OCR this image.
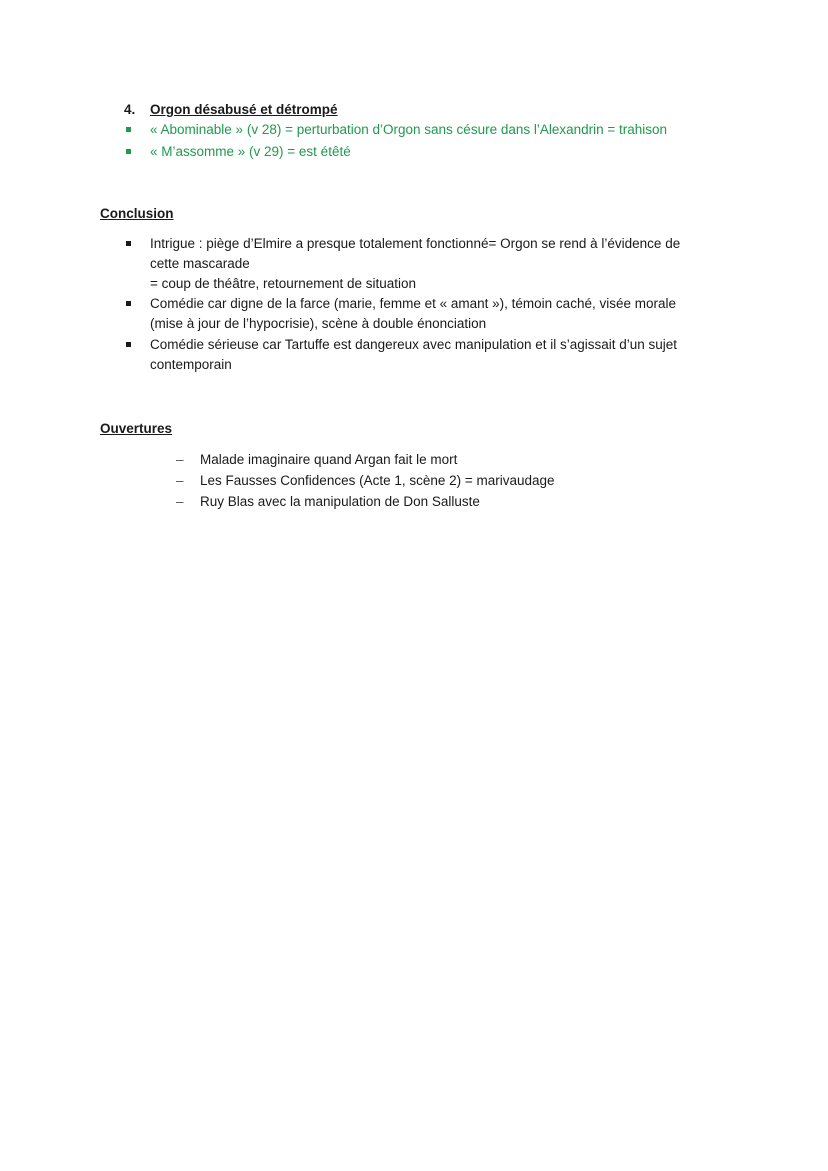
4. Orgon désabusé et détrompé
« Abominable » (v 28) = perturbation d’Orgon sans césure dans l’Alexandrin = trahison
« M’assomme » (v 29) = est étêté
Conclusion
Intrigue : piège d’Elmire a presque totalement fonctionné= Orgon se rend à l’évidence de
cette mascarade
= coup de théâtre, retournement de situation
Comédie car digne de la farce (marie, femme et « amant »), témoin caché, visée morale
(mise à jour de l’hypocrisie), scène à double énonciation
Comédie sérieuse car Tartuffe est dangereux avec manipulation et il s’agissait d’un sujet
contemporain
Ouvertures
– Malade imaginaire quand Argan fait le mort
– Les Fausses Confidences (Acte 1, scène 2) = marivaudage
– Ruy Blas avec la manipulation de Don Salluste
